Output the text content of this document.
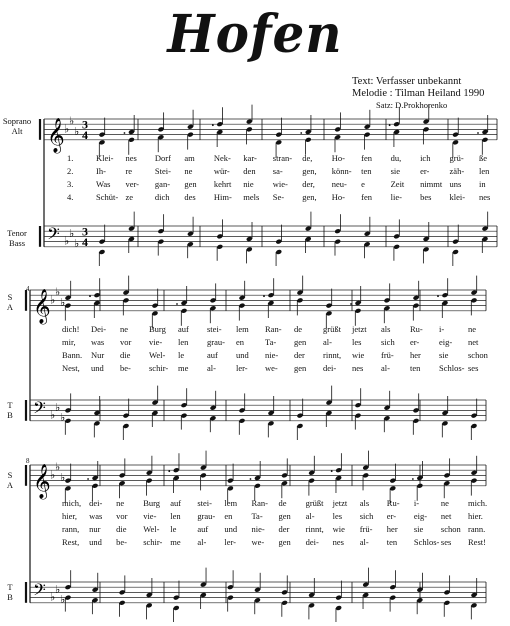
Hofen
Text: Verfasser unbekannt
Melodie : Tilman Heiland 1990
Satz: D.Prokhorenko
Soprano
Alt
Tenor
Bass
S
A
T
B
S
A
T
B
4
8
𝄞 ♭
♭
♭
3
4
𝄢 ♭
♭
♭
3
4
𝄞 ♭
♭
♭
𝄢 ♭
♭
♭
𝄞 ♭
♭
♭
𝄢 ♭
♭
♭
1.	Klei- nes Dorf am Nek- kar- stran- de, Ho- fen du, ich grü- ße
2.	Ih- re	Stei- ne	wür- den sa- gen, könn- ten sie er- zäh- len
3.	Was ver- gan- gen kehrt nie wie- der, neu- e	Zeit nimmt uns in
4.	Schüt- ze	dich des Him- mels Se- gen, Ho- fen lie- bes klei- nes
dich! Dei- ne Burg auf stei- lem Ran- de grüßt jetzt als Ru- i-	ne
mir, was vor vie- len grau- en Ta- gen al- les sich er- eig- net
Bann. Nur die Wel- le	auf und nie- der rinnt, wie frü- her sie schon
Nest, und be- schir- me al- ler- we- gen dei- nes al- ten Schlos- ses
mich, dei- ne Burg auf stei- lem Ran- de grüßt jetzt als Ru- i-	ne mich.
hier, was vor vie- len grau- en Ta- gen al- les sich er- eig- net hier.
rann, nur die Wel- le auf und nie- der rinnt, wie frü- her sie schon rann.
Rest, und be- schir- me al- ler- we- gen dei- nes al- ten Schlos- ses Rest!
